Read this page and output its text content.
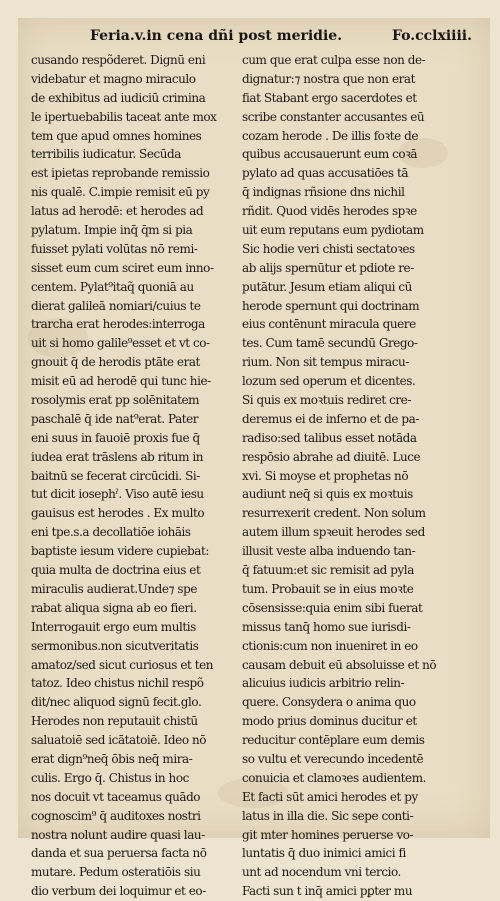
Feria.v.in cena dñi post meridie.	Fo.cclxiiii.
cusando respõderet. Dignū eni
videbatur et magno miraculo
de exhibitus ad iudiciū crimina
le ipertuebabilis taceat ante mox
tem que apud omnes homines
terribilis iudicatur. Secūda
est ipietas reprobande remissio
nis qualē. C.impie remisit eū py
latus ad herodē: et herodes ad
pylatum. Impie inq̄ q̄m si pia
fuisset pylati volūtas nō remi-
sisset eum cum sciret eum inno-
centem. Pylat⁹itaq̃ quoniā au
dierat galileā nomiari/cuius te
trarcha erat herodes:interroga
uit si homo galile⁹esset et vt co-
gnouit q̄ de herodis ptāte erat
misit eū ad herodē qui tunc hie-
rosolymis erat pp solēnitatem
paschalē q̄ ide nat⁹erat. Pater
eni suus in fauoiē proxis fue q̄
iudea erat trāslens ab ritum in
baitnū se fecerat circūcidi. Si-
tut dicit iosephˀ. Viso autē iesu
gauisus est herodes . Ex multo
eni tpe.s.a decollatiōe iohāis
baptiste iesum videre cupiebat:
quia multa de doctrina eius et
miraculis audierat.Unde⁊ spe
rabat aliqua signa ab eo fieri.
Interrogauit ergo eum multis
sermonibus.non sicutveritatis
amatoz/sed sicut curiosus et ten
tatoz. Ideo chistus nichil respõ
dit/nec aliquod signū fecit.glo.
Herodes non reputauit chistū
saluatoiē sed icātatoiē. Ideo nō
erat dign⁹neq̄ ōbis neq̄ mira-
culis. Ergo q̄. Chistus in hoc
nos docuit vt taceamus quādo
cognoscim⁹ q̄ auditoxes nostri
nostra nolunt audire quasi lau-
danda et sua peruersa facta nō
mutare. Pedum osteratiōis siu
dio verbum dei loquimur et eo-
cum que erat culpa esse non de-
dignatur:⁊ nostra que non erat
fiat Stabant ergo sacerdotes et
scribe constanter accusantes eū
cozam herode . De illis foꝛte de
quibus accusauerunt eum coꝛā
pylato ad quas accusatiōes tā
q̄ indignas rñsione dns nichil
rñdit. Quod vidēs herodes spꝛe
uit eum reputans eum pydiotam
Sic hodie veri chisti sectatoꝛes
ab alijs spernūtur et pdiote re-
putātur. Jesum etiam aliqui cū
herode spernunt qui doctrinam
eius contēnunt miracula quere
tes. Cum tamē secundū Grego-
rium. Non sit tempus miracu-
lozum sed operum et dicentes.
Si quis ex moꝛtuis rediret cre-
deremus ei de inferno et de pa-
radiso:sed talibus esset notāda
respōsio abrahe ad diuitē. Luce
xvi. Si moyse et prophetas nō
audiunt neq̄ si quis ex moꝛtuis
resurrexerit credent. Non solum
autem illum spꝛeuit herodes sed
illusit veste alba induendo tan-
q̄ fatuum:et sic remisit ad pyla
tum. Probauit se in eius moꝛte
cōsensisse:quia enim sibi fuerat
missus tanq̄ homo sue iurisdi-
ctionis:cum non inueniret in eo
causam debuit eū absoluisse et nō
alicuius iudicis arbitrio relin-
quere. Consydera o anima quo
modo prius dominus ducitur et
reducitur contēplare eum demis
so vultu et verecundo incedentē
conuicia et clamoꝛes audientem.
Et facti sūt amici herodes et py
latus in illa die. Sic sepe conti-
git mter homines peruerse vo-
luntatis q̄ duo inimici amici fi
unt ad nocendum vni tercio.
Facti sun t inq̄ amici pꝑter mu
